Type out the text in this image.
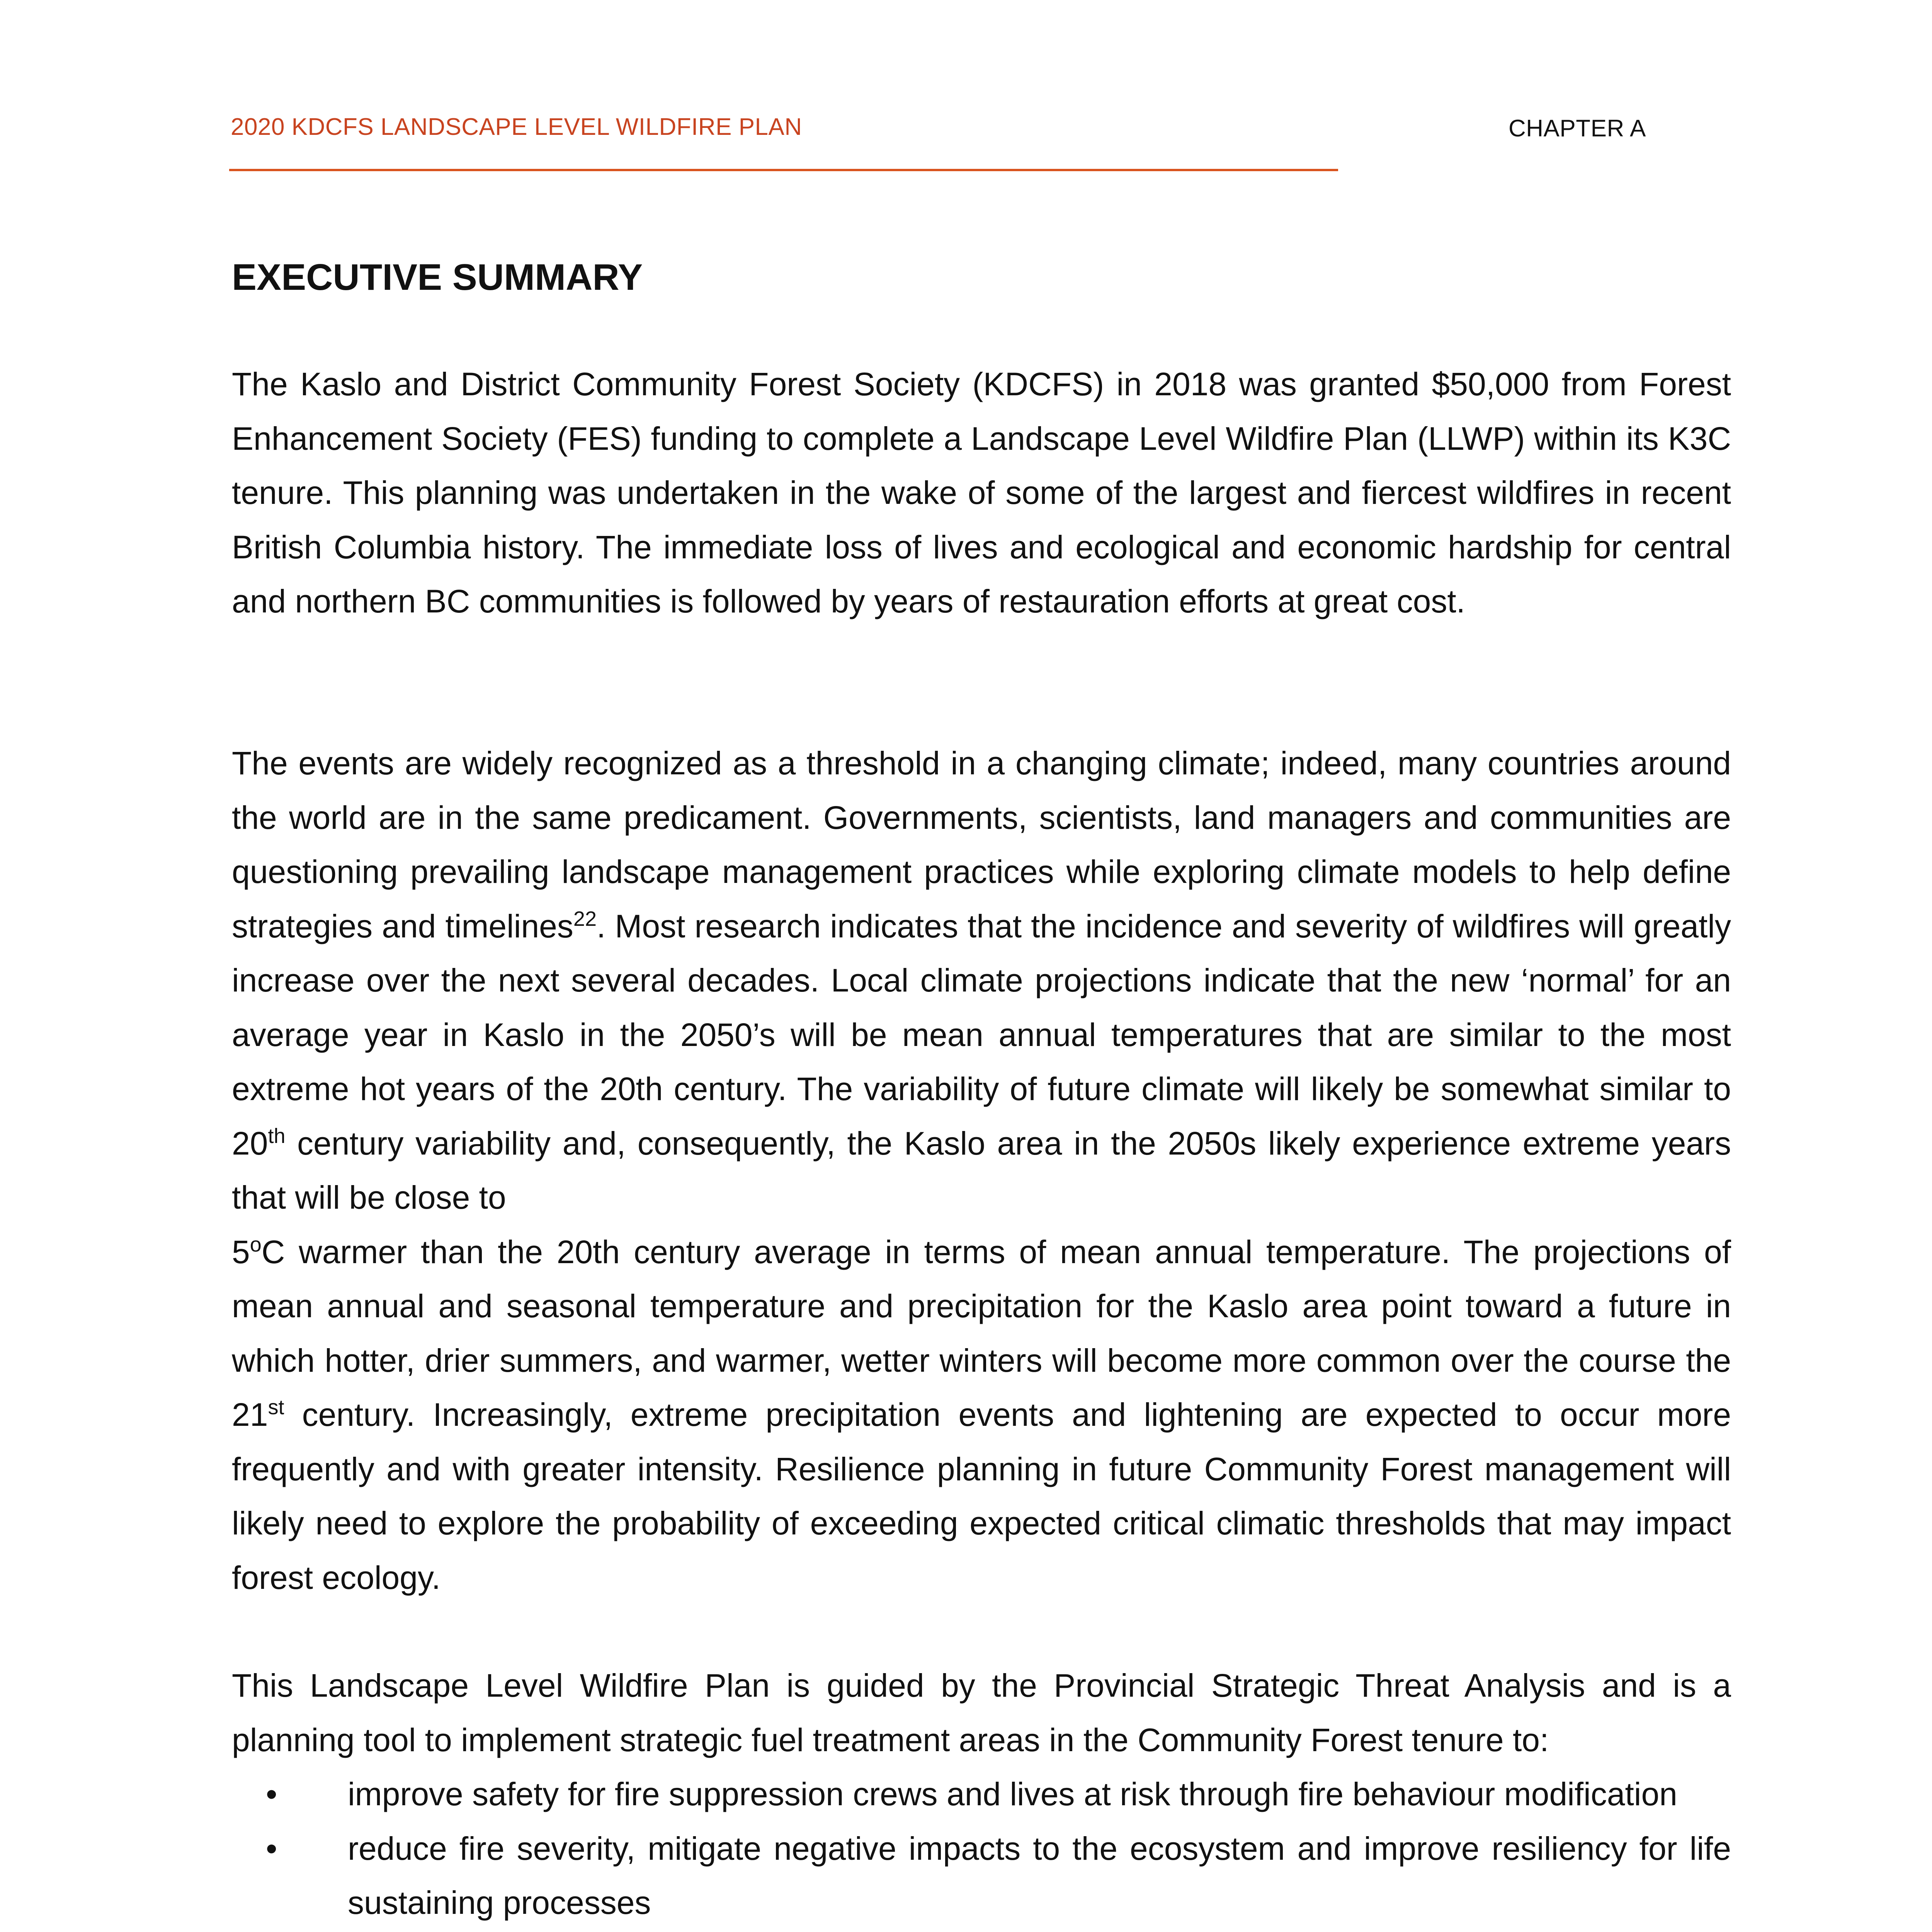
2020 KDCFS LANDSCAPE LEVEL WILDFIRE PLAN	CHAPTER A
EXECUTIVE SUMMARY

The Kaslo and District Community Forest Society (KDCFS) in 2018 was granted $50,000 from Forest Enhancement Society (FES) funding to complete a Landscape Level Wildfire Plan (LLWP) within its K3C tenure. This planning was undertaken in the wake of some of the largest and fiercest wildfires in recent British Columbia history. The immediate loss of lives and ecological and economic hardship for central and northern BC communities is followed by years of restauration efforts at great cost.

The events are widely recognized as a threshold in a changing climate; indeed, many countries around the world are in the same predicament. Governments, scientists, land managers and communities are questioning prevailing landscape management practices while exploring climate models to help define strategies and timelines$^{22}$. Most research indicates that the incidence and severity of wildfires will greatly increase over the next several decades. Local climate projections indicate that the new ‘normal’ for an average year in Kaslo in the 2050’s will be mean annual temperatures that are similar to the most extreme hot years of the 20th century. The variability of future climate will likely be somewhat similar to 20th century variability and, consequently, the Kaslo area in the 2050s likely experience extreme years that will be close to

5$^o$C warmer than the 20th century average in terms of mean annual temperature. The projections of mean annual and seasonal temperature and precipitation for the Kaslo area point toward a future in which hotter, drier summers, and warmer, wetter winters will become more common over the course the 21st century. Increasingly, extreme precipitation events and lightening are expected to occur more frequently and with greater intensity. Resilience planning in future Community Forest management will likely need to explore the probability of exceeding expected critical climatic thresholds that may impact forest ecology.

This Landscape Level Wildfire Plan is guided by the Provincial Strategic Threat Analysis and is a planning tool to implement strategic fuel treatment areas in the Community Forest tenure to:

• improve safety for fire suppression crews and lives at risk through fire behaviour modification
• reduce fire severity, mitigate negative impacts to the ecosystem and improve resiliency for life sustaining processes
